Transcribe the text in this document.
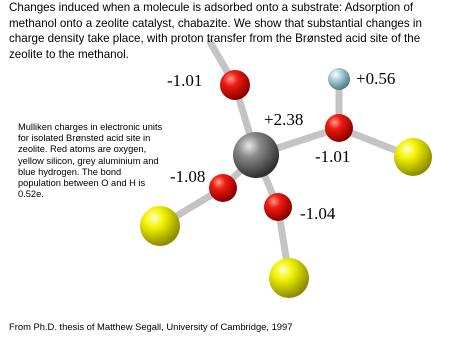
-1.01	+0.56
+2.38
-1.01
-1.08
-1.04
Changes induced when a molecule is adsorbed onto a substrate: Adsorption of methanol onto a zeolite catalyst, chabazite. We show that substantial changes in charge density take place, with proton transfer from the Brønsted acid site of the zeolite to the methanol.
Mulliken charges in electronic units for isolated Brønsted acid site in zeolite. Red atoms are oxygen, yellow silicon, grey aluminium and blue hydrogen. The bond population between O and H is 0.52e.
From Ph.D. thesis of Matthew Segall, University of Cambridge, 1997
